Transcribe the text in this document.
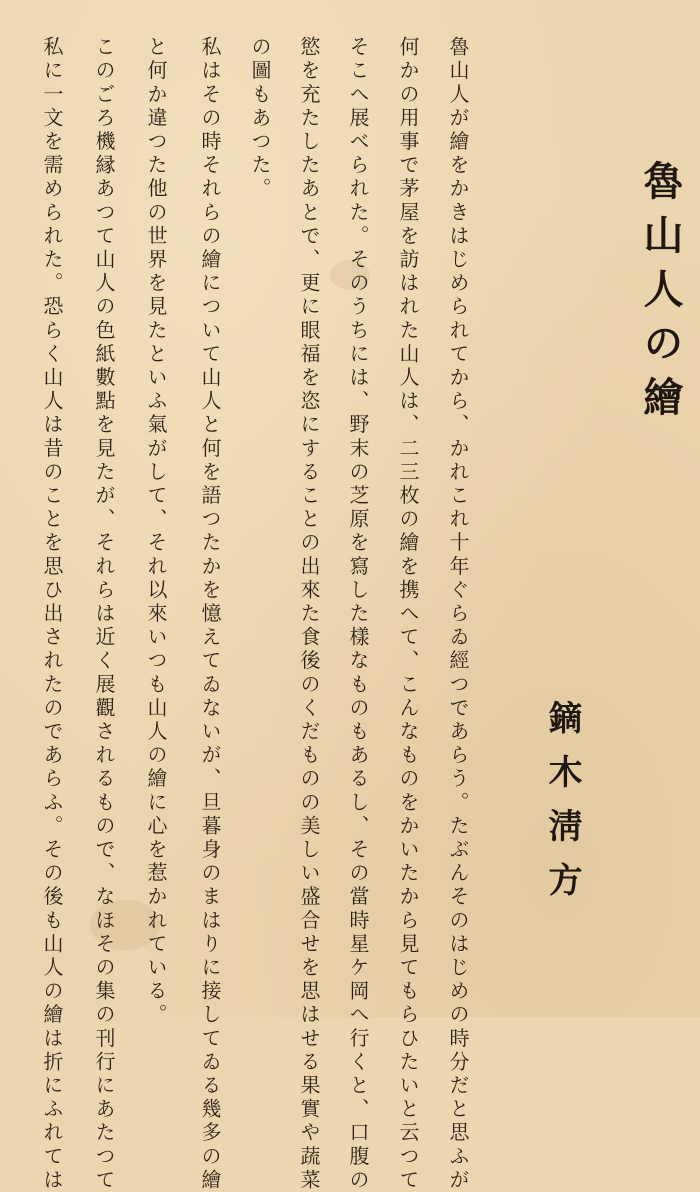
魯山人の繪
鏑木淸方

魯山人が繪をかきはじめられてから、かれこれ十年ぐらゐ經つであらう。たぶんそのはじめの時分だと思ふが

何かの用事で茅屋を訪はれた山人は、二三枚の繪を携へて、こんなものをかいたから見てもらひたいと云つて

そこへ展べられた。そのうちには、野末の芝原を寫した樣なものもあるし、その當時星ケ岡へ行くと、口腹の

慾を充たしたあとで、更に眼福を恣にすることの出來た食後のくだものの美しい盛合せを思はせる果實や蔬菜

の圖もあつた。

私はその時それらの繪について山人と何を語つたかを憶えてゐないが、旦暮身のまはりに接してゐる幾多の繪

と何か違つた他の世界を見たといふ氣がして、それ以來いつも山人の繪に心を惹かれている。

このごろ機縁あつて山人の色紙數點を見たが、それらは近く展觀されるもので、なほその集の刊行にあたつて

私に一文を需められた。恐らく山人は昔のことを思ひ出されたのであらふ。その後も山人の繪は折にふれては
